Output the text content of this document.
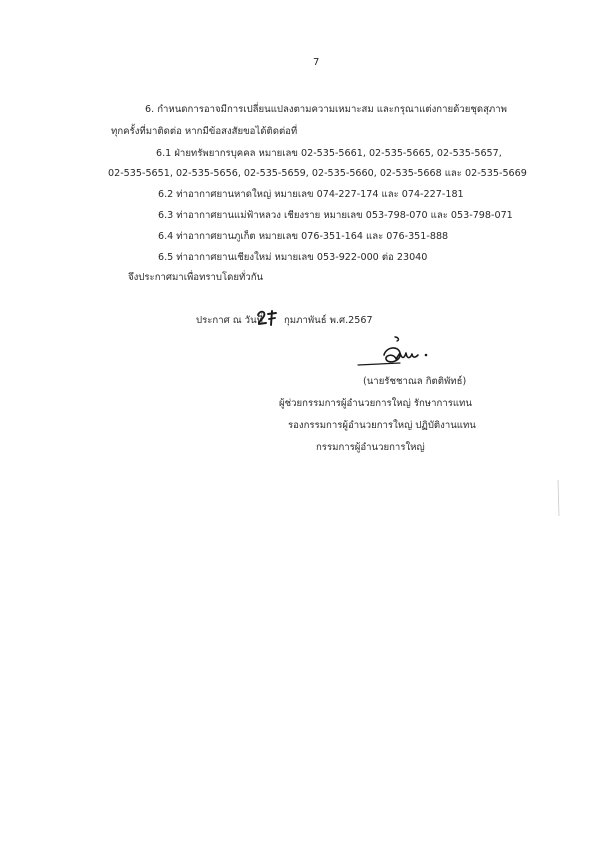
7
6. กำหนดการอาจมีการเปลี่ยนแปลงตามความเหมาะสม และกรุณาแต่งกายด้วยชุดสุภาพ
ทุกครั้งที่มาติดต่อ หากมีข้อสงสัยขอได้ติดต่อที่
6.1 ฝ่ายทรัพยากรบุคคล หมายเลข 02-535-5661, 02-535-5665, 02-535-5657,
02-535-5651, 02-535-5656, 02-535-5659, 02-535-5660, 02-535-5668 และ 02-535-5669
6.2 ท่าอากาศยานหาดใหญ่ หมายเลข 074-227-174 และ 074-227-181
6.3 ท่าอากาศยานแม่ฟ้าหลวง เชียงราย หมายเลข 053-798-070 และ 053-798-071
6.4 ท่าอากาศยานภูเก็ต หมายเลข 076-351-164 และ 076-351-888
6.5 ท่าอากาศยานเชียงใหม่ หมายเลข 053-922-000 ต่อ 23040
จึงประกาศมาเพื่อทราบโดยทั่วกัน
ประกาศ ณ วันที่ กุมภาพันธ์ พ.ศ.2567
(นายรัชชาณล กิตติพัทธ์)
ผู้ช่วยกรรมการผู้อำนวยการใหญ่ รักษาการแทน
รองกรรมการผู้อำนวยการใหญ่ ปฏิบัติงานแทน
กรรมการผู้อำนวยการใหญ่
